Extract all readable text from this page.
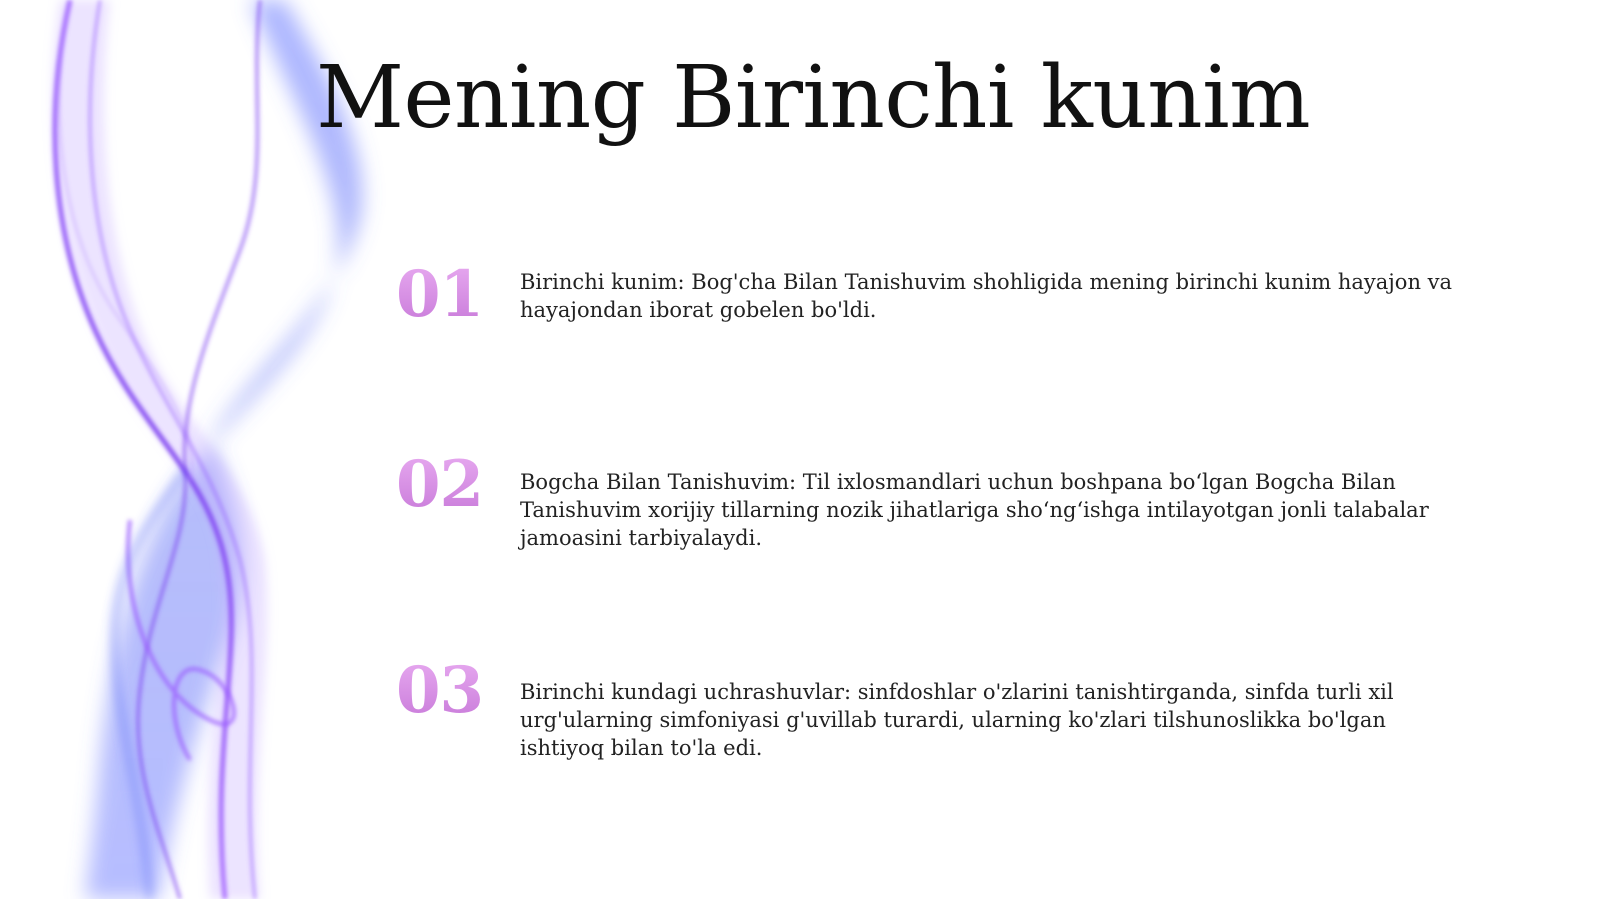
Mening Birinchi kunim
01 Birinchi kunim: Bog'cha Bilan Tanishuvim shohligida mening birinchi kunim hayajon va hayajondan iborat gobelen bo'ldi.

02 Bogcha Bilan Tanishuvim: Til ixlosmandlari uchun boshpana bo‘lgan Bogcha Bilan Tanishuvim xorijiy tillarning nozik jihatlariga sho‘ng‘ishga intilayotgan jonli talabalar jamoasini tarbiyalaydi.

03 Birinchi kundagi uchrashuvlar: sinfdoshlar o'zlarini tanishtirganda, sinfda turli xil urg'ularning simfoniyasi g'uvillab turardi, ularning ko'zlari tilshunoslikka bo'lgan ishtiyoq bilan to'la edi.
